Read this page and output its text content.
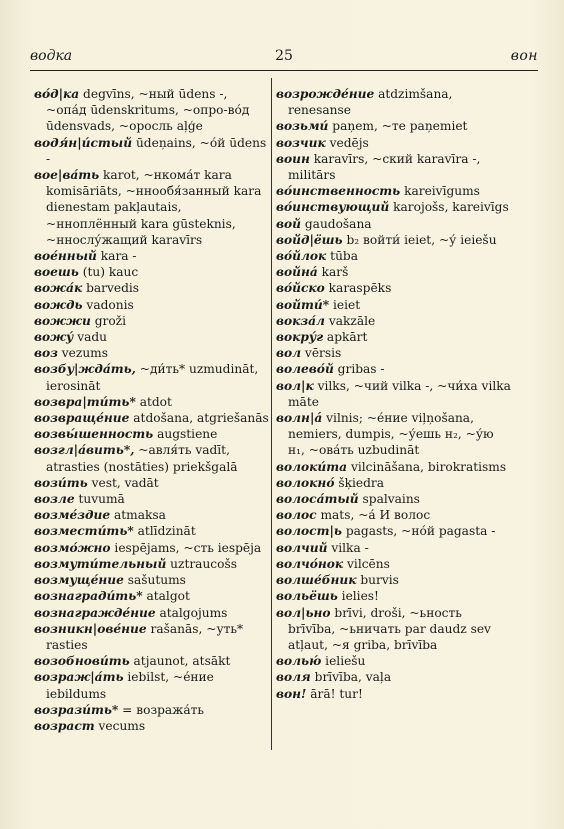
водка	25	вон
во́д|ка degvīns, ~ный ūdens -, ~опа́д ūdenskritums, ~опро-во́д ūdensvads, ~оросль aļģe
водя́н|и́стый ūdeņains, ~о́й ūdens -
вое|ва́ть karot, ~нкома́т kara komisāriāts, ~нноoбя́занный kara dienestam pakļautais, ~нноплённый kara gūsteknis, ~нноcлу́жащий karavīrs
вое́нный kara -
воешь (tu) kauc
вожа́к barvedis
вождь vadonis
вожжи groži
вожу́ vadu
воз vezums
возбу|жда́ть, ~ди́ть* uzmudināt, ierosināt
возвра|ти́ть* atdot
возвраще́ние atdošana, atgriešanās
возвы́шенность augstiene
возгл|а́вить*, ~авля́ть vadīt, atrasties (nostāties) priekšgalā
вози́ть vest, vadāt
возле tuvumā
возме́здие atmaksa
возмести́ть* atlīdzināt
возмо́жно iespējams, ~сть iespēja
возмути́тельный uztraucošs
возмуще́ние sašutums
вознагради́ть* atalgot
вознагражде́ние atalgojums
возникн|ове́ние rašanās, ~уть* rasties
возобнови́ть atjaunot, atsākt
возраж|а́ть iebilst, ~е́ние iebildums
возрази́ть* = возража́ть
возраст vecums
возрожде́ние atdzimšana, renesanse
возьми́ paņem, ~те paņemiet
возчик vedējs
воин karavīrs, ~ский karavīra -, militārs
во́инственность kareivīgums
во́инствующий karojošs, kareivīgs
вой gaudošana
вой́д|ёшь b₂ войти́ ieiet, ~у́ ieiešu
во́йлок tūba
войнá karš
во́йско karaspēks
войти́* ieiet
вокза́л vakzāle
вокру́г apkārt
вол vērsis
волево́й gribas -
вол|к vilks, ~чий vilka -, ~чи́ха vilka māte
волн|á vilnis; ~е́ние viļņošana, nemiers, dumpis, ~у́ешь н₂, ~у́ю н₁, ~ова́ть uzbudināt
волоки́та vilcināšana, birokratisms
волокно́ šķiedra
волоса́тый spalvains
волос mats, ~а́ И волос
волост|ь pagasts, ~но́й pagasta -
волчий vilka -
волчо́нок vilcēns
волше́бник burvis
вольёшь ielies!
вол|ьно brīvi, droši, ~ьность brīvība, ~ьничать par daudz sev atļaut, ~я griba, brīvība
волью́ ieliešu
воля brīvība, vaļa
вон! ārā! tur!
